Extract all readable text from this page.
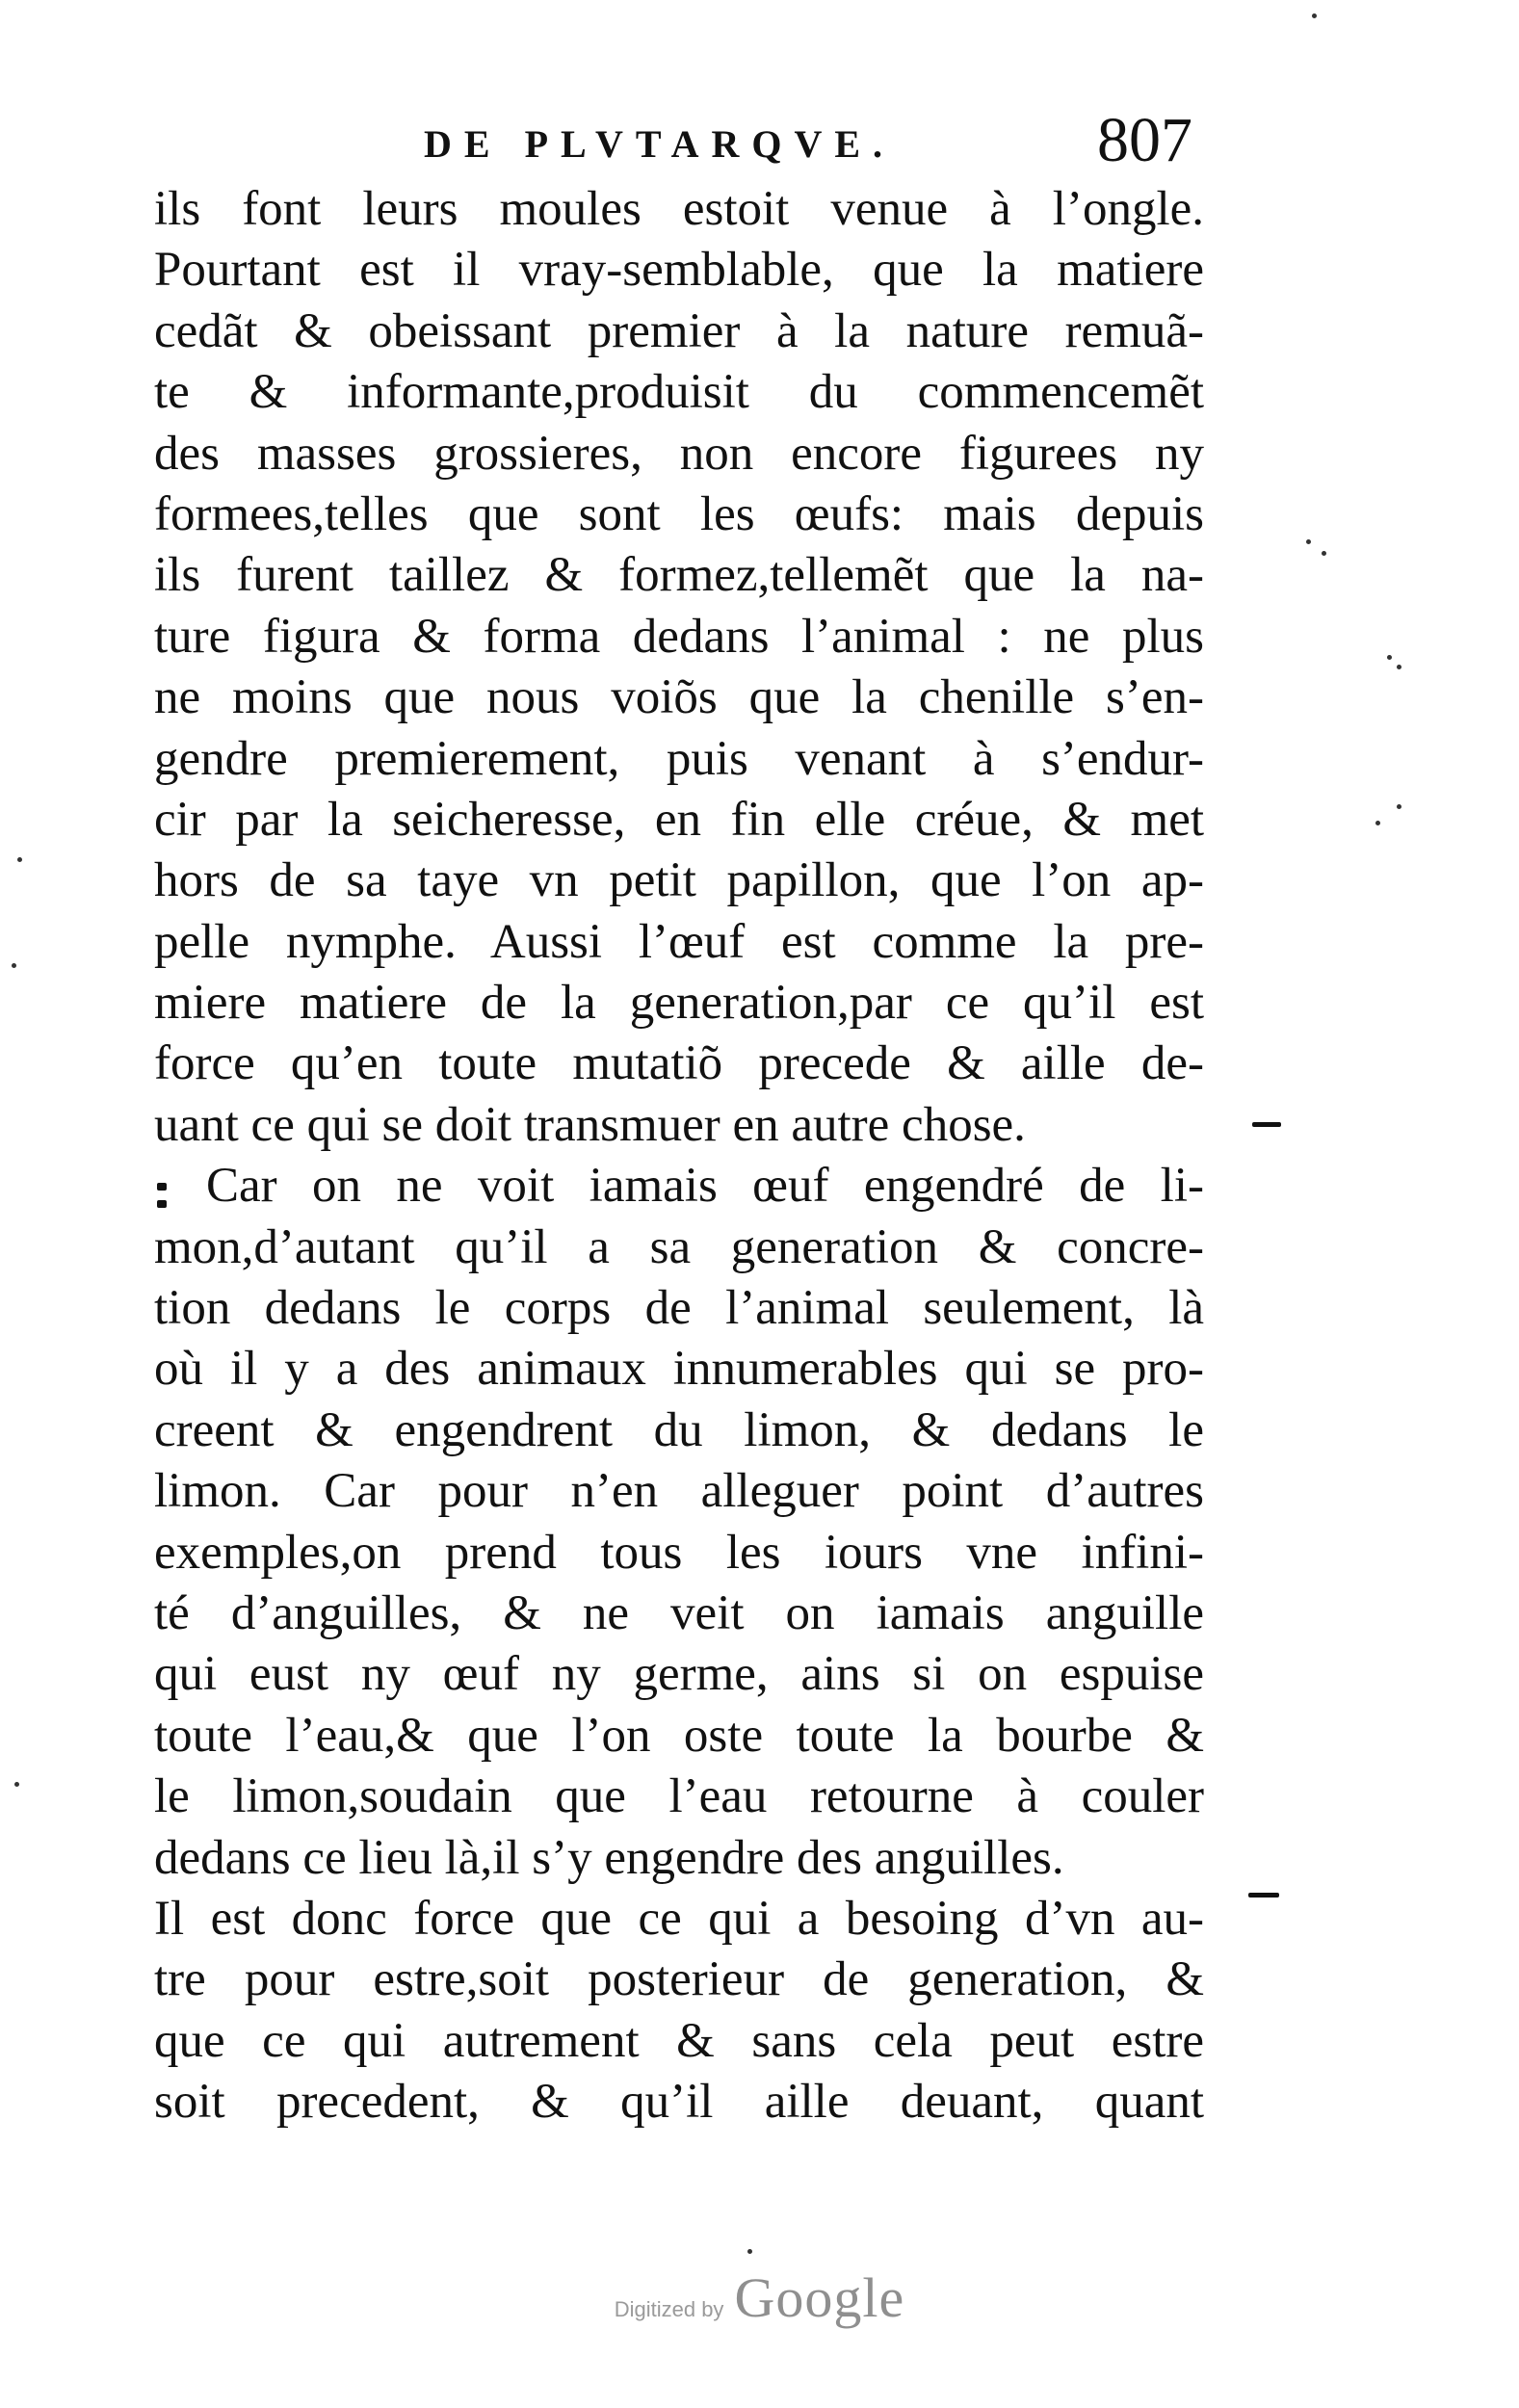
DE PLVTARQVE.	807
ils font leurs moules estoit venue à l’ongle.
Pourtant est il vray-semblable, que la matiere
cedãt & obeissant premier à la nature remuã-
te & informante,produisit du commencemẽt
des masses grossieres, non encore figurees ny
formees,telles que sont les œufs: mais depuis
ils furent taillez & formez,tellemẽt que la na-
ture figura & forma dedans l’animal : ne plus
ne moins que nous voiõs que la chenille s’en-
gendre premierement, puis venant à s’endur-
cir par la seicheresse, en fin elle créue, & met
hors de sa taye vn petit papillon, que l’on ap-
pelle nymphe. Aussi l’œuf est comme la pre-
miere matiere de la generation,par ce qu’il est
force qu’en toute mutatiõ precede & aille de-
uant ce qui se doit transmuer en autre chose.
Car on ne voit iamais œuf engendré de li-
mon,d’autant qu’il a sa generation & concre-
tion dedans le corps de l’animal seulement, là
où il y a des animaux innumerables qui se pro-
creent & engendrent du limon, & dedans le
limon. Car pour n’en alleguer point d’autres
exemples,on prend tous les iours vne infini-
té d’anguilles, & ne veit on iamais anguille
qui eust ny œuf ny germe, ains si on espuise
toute l’eau,& que l’on oste toute la bourbe &
le limon,soudain que l’eau retourne à couler
dedans ce lieu là,il s’y engendre des anguilles.
Il est donc force que ce qui a besoing d’vn au-
tre pour estre,soit posterieur de generation, &
que ce qui autrement & sans cela peut estre
soit precedent, & qu’il aille deuant, quant
Digitized by Google
